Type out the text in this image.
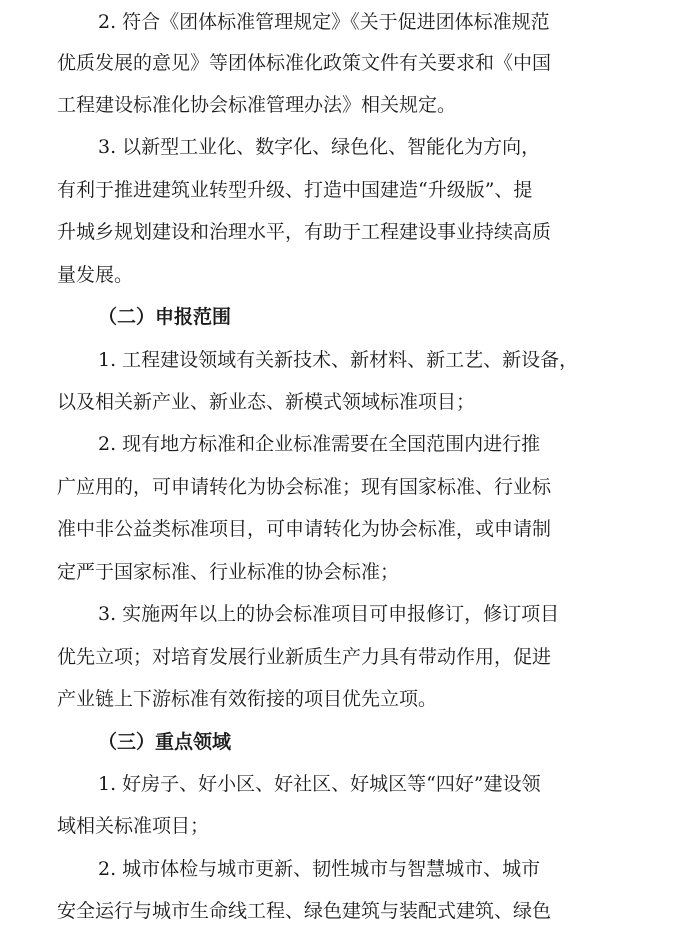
2. 符合《团体标准管理规定》《关于促进团体标准规范
优质发展的意见》等团体标准化政策文件有关要求和《中国
工程建设标准化协会标准管理办法》相关规定。
3. 以新型工业化、数字化、绿色化、智能化为方向，
有利于推进建筑业转型升级、打造中国建造“升级版”、提
升城乡规划建设和治理水平，有助于工程建设事业持续高质
量发展。
（二）申报范围
1. 工程建设领域有关新技术、新材料、新工艺、新设备，
以及相关新产业、新业态、新模式领域标准项目；
2. 现有地方标准和企业标准需要在全国范围内进行推
广应用的，可申请转化为协会标准；现有国家标准、行业标
准中非公益类标准项目，可申请转化为协会标准，或申请制
定严于国家标准、行业标准的协会标准；
3. 实施两年以上的协会标准项目可申报修订，修订项目
优先立项；对培育发展行业新质生产力具有带动作用，促进
产业链上下游标准有效衔接的项目优先立项。
（三）重点领域
1. 好房子、好小区、好社区、好城区等“四好”建设领
域相关标准项目；
2. 城市体检与城市更新、韧性城市与智慧城市、城市
安全运行与城市生命线工程、绿色建筑与装配式建筑、绿色
